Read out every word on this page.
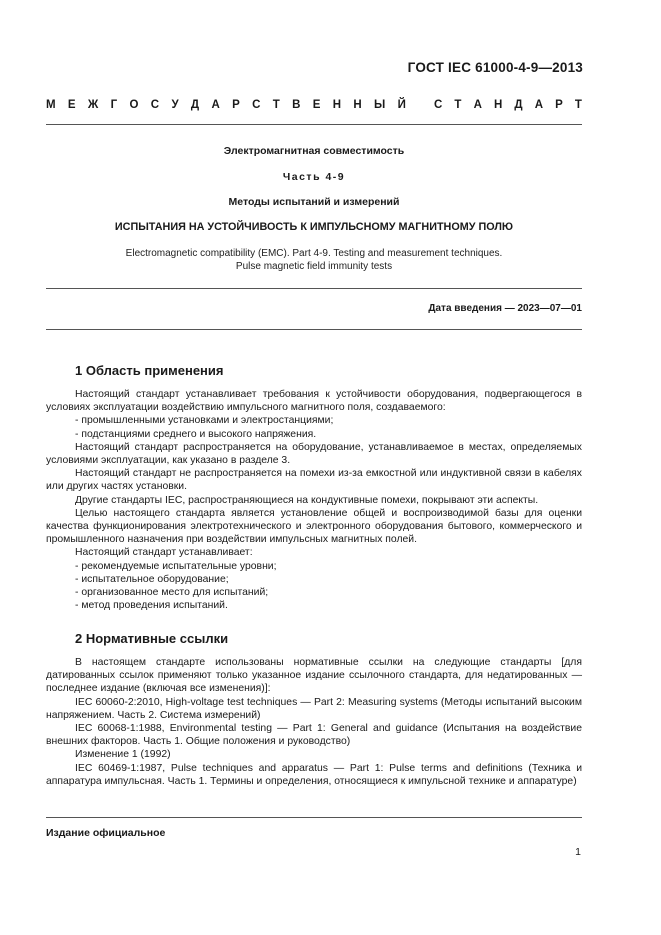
ГОСТ IEC 61000-4-9—2013
М Е Ж Г О С У Д А Р С Т В Е Н Н Ы Й С Т А Н Д А Р Т
Электромагнитная совместимость
Часть 4-9
Методы испытаний и измерений
ИСПЫТАНИЯ НА УСТОЙЧИВОСТЬ К ИМПУЛЬСНОМУ МАГНИТНОМУ ПОЛЮ
Electromagnetic compatibility (EMC). Part 4-9. Testing and measurement techniques.
Pulse magnetic field immunity tests
Дата введения — 2023—07—01
1 Область применения

Настоящий стандарт устанавливает требования к устойчивости оборудования, подвергающегося в условиях эксплуатации воздействию импульсного магнитного поля, создаваемого:

- промышленными установками и электростанциями;

- подстанциями среднего и высокого напряжения.

Настоящий стандарт распространяется на оборудование, устанавливаемое в местах, определяемых условиями эксплуатации, как указано в разделе 3.

Настоящий стандарт не распространяется на помехи из-за емкостной или индуктивной связи в кабелях или других частях установки.

Другие стандарты IEC, распространяющиеся на кондуктивные помехи, покрывают эти аспекты.

Целью настоящего стандарта является установление общей и воспроизводимой базы для оценки качества функционирования электротехнического и электронного оборудования бытового, коммерческого и промышленного назначения при воздействии импульсных магнитных полей.

Настоящий стандарт устанавливает:

- рекомендуемые испытательные уровни;

- испытательное оборудование;

- организованное место для испытаний;

- метод проведения испытаний.

2 Нормативные ссылки

В настоящем стандарте использованы нормативные ссылки на следующие стандарты [для датированных ссылок применяют только указанное издание ссылочного стандарта, для недатированных — последнее издание (включая все изменения)]:

IEC 60060-2:2010, High-voltage test techniques — Part 2: Measuring systems (Методы испытаний высоким напряжением. Часть 2. Система измерений)

IEC 60068-1:1988, Environmental testing — Part 1: General and guidance (Испытания на воздействие внешних факторов. Часть 1. Общие положения и руководство)

Изменение 1 (1992)

IEC 60469-1:1987, Pulse techniques and apparatus — Part 1: Pulse terms and definitions (Техника и аппаратура импульсная. Часть 1. Термины и определения, относящиеся к импульсной технике и аппаратуре)

Издание официальное
1
